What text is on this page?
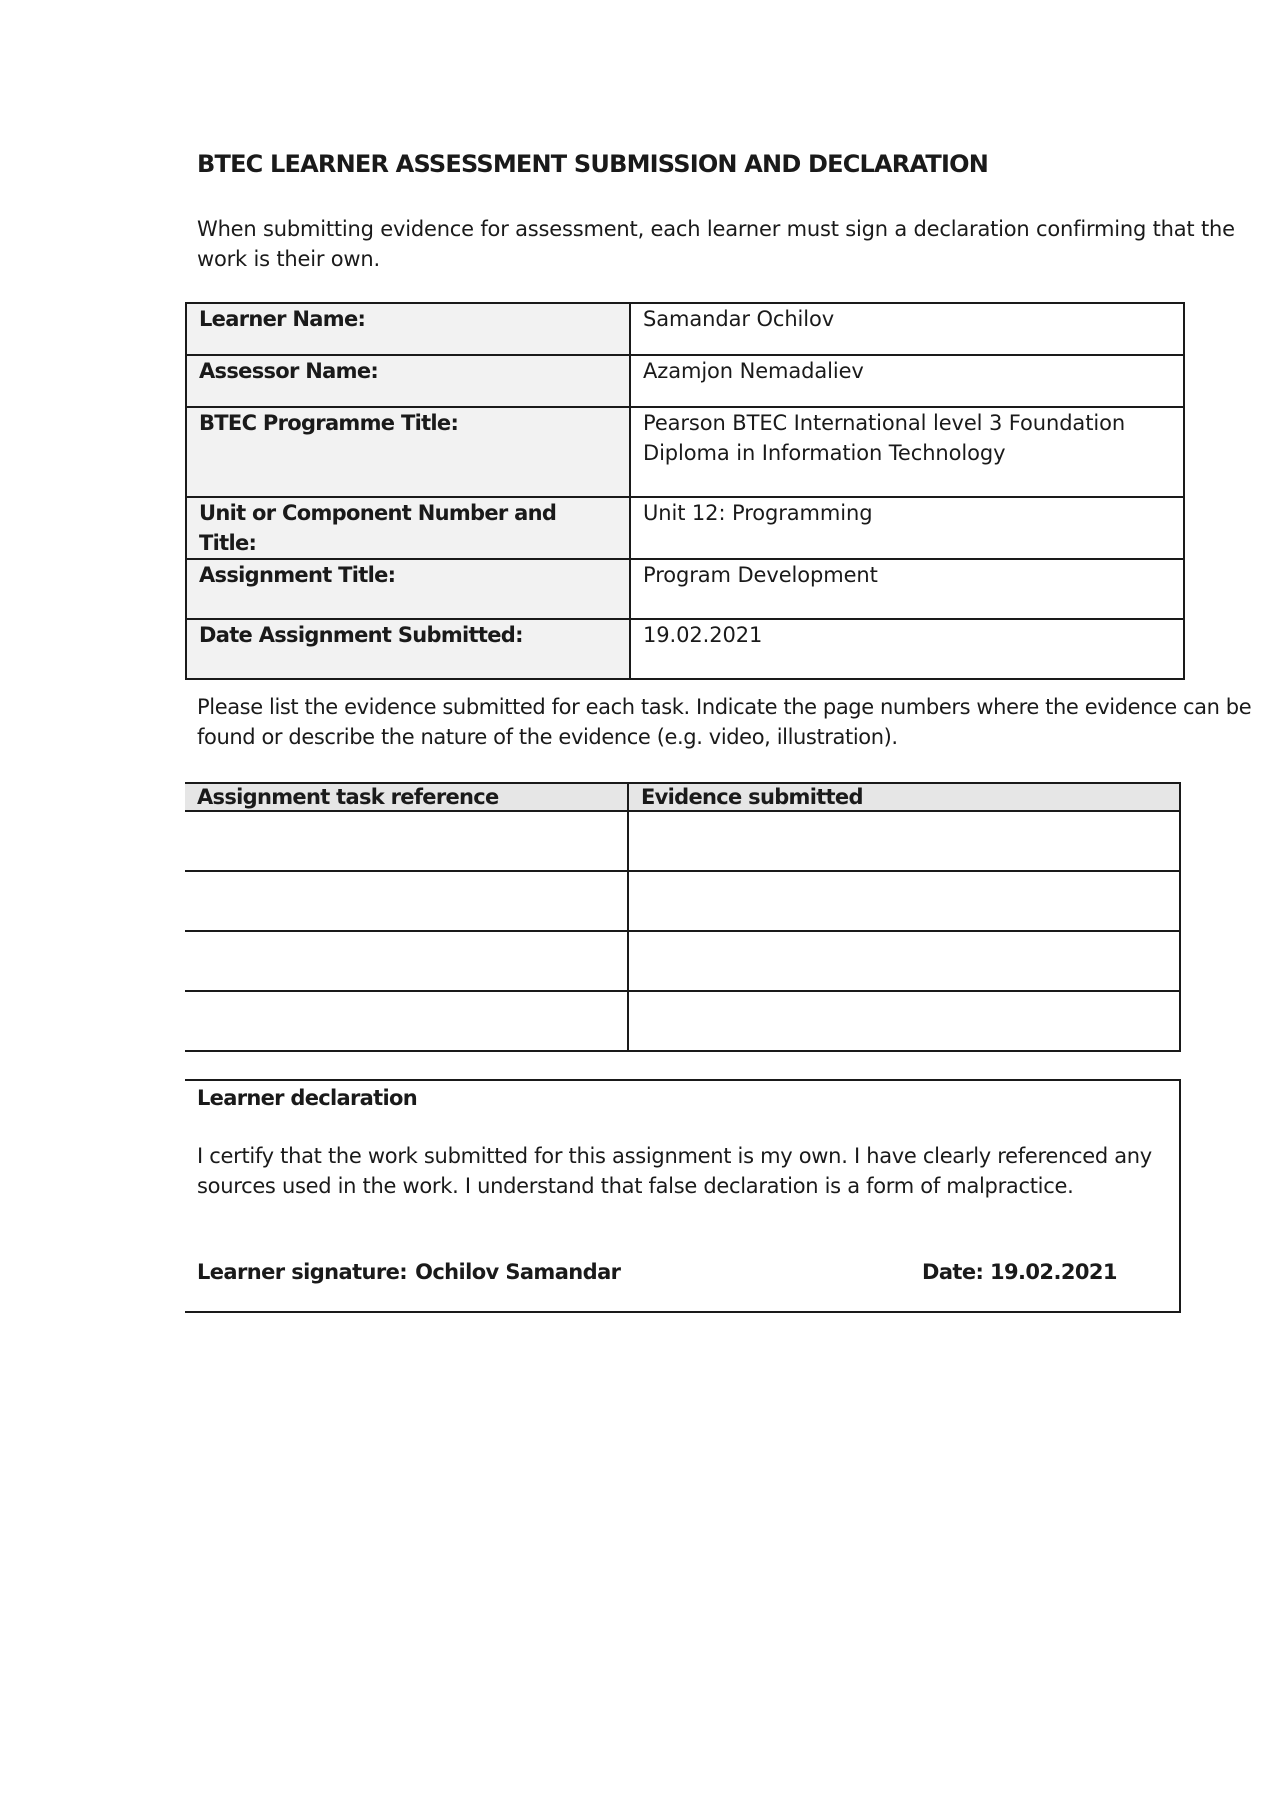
BTEC LEARNER ASSESSMENT SUBMISSION AND DECLARATION

When submitting evidence for assessment, each learner must sign a declaration confirming that the work is their own.

Learner Name:	Samandar Ochilov
Assessor Name:	Azamjon Nemadaliev
BTEC Programme Title:	Pearson BTEC International level 3 Foundation Diploma in Information Technology
Unit or Component Number and Title:	Unit 12: Programming
Assignment Title:	Program Development
Date Assignment Submitted:	19.02.2021

Please list the evidence submitted for each task. Indicate the page numbers where the evidence can be found or describe the nature of the evidence (e.g. video, illustration).

Assignment task reference	Evidence submitted

Learner declaration

I certify that the work submitted for this assignment is my own. I have clearly referenced any sources used in the work. I understand that false declaration is a form of malpractice.

Learner signature: Ochilov Samandar	Date: 19.02.2021
